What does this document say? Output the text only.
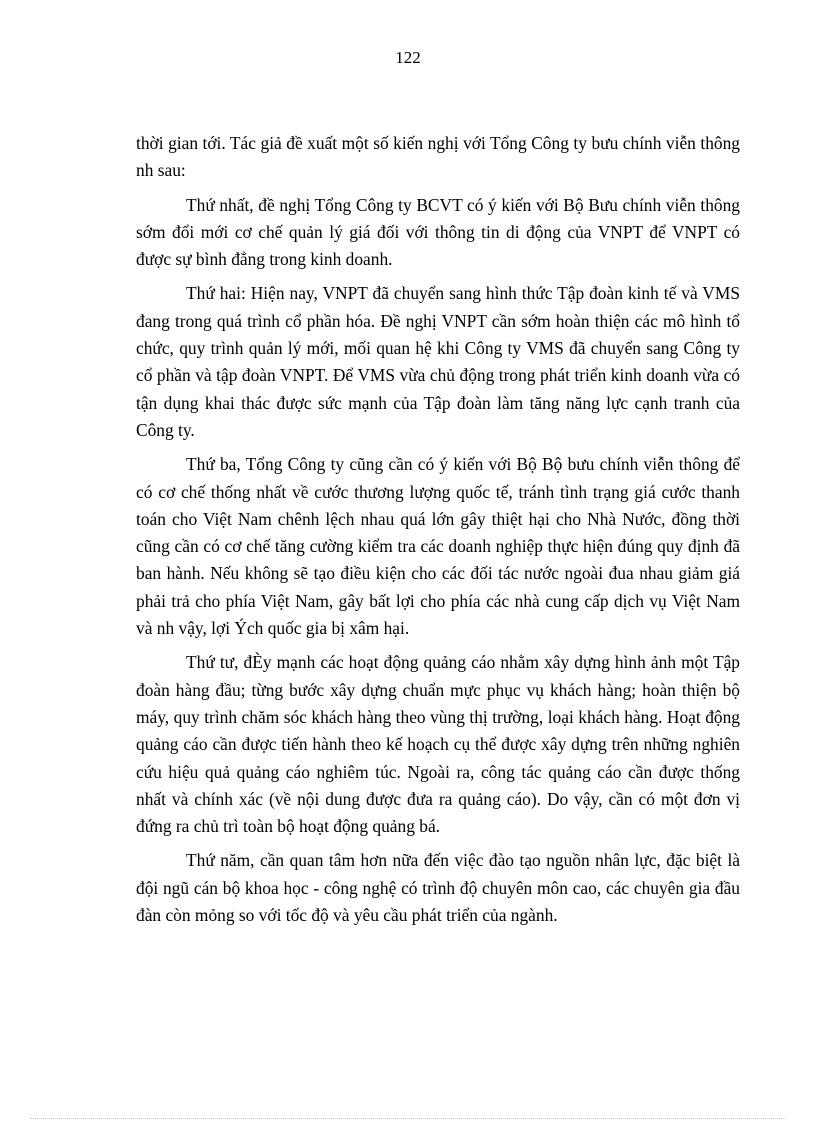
122

thời gian tới. Tác giả đề xuất một số kiến nghị với Tổng Công ty bưu chính viễn thông nh sau:

Thứ nhất, đề nghị Tổng Công ty BCVT có ý kiến với Bộ Bưu chính viễn thông sớm đổi mới cơ chế quản lý giá đối với thông tin di động của VNPT để VNPT có được sự bình đẳng trong kinh doanh.

Thứ hai: Hiện nay, VNPT đã chuyển sang hình thức Tập đoàn kinh tế và VMS đang trong quá trình cổ phần hóa. Đề nghị VNPT cần sớm hoàn thiện các mô hình tổ chức, quy trình quản lý mới, mối quan hệ khi Công ty VMS đã chuyển sang Công ty cổ phần và tập đoàn VNPT. Để VMS vừa chủ động trong phát triển kinh doanh vừa có tận dụng khai thác được sức mạnh của Tập đoàn làm tăng năng lực cạnh tranh của Công ty.

Thứ ba, Tổng Công ty cũng cần có ý kiến với Bộ Bộ bưu chính viễn thông để có cơ chế thống nhất về cước thương lượng quốc tế, tránh tình trạng giá cước thanh toán cho Việt Nam chênh lệch nhau quá lớn gây thiệt hại cho Nhà Nước, đồng thời cũng cần có cơ chế tăng cường kiểm tra các doanh nghiệp thực hiện đúng quy định đã ban hành. Nếu không sẽ tạo điều kiện cho các đối tác nước ngoài đua nhau giảm giá phải trả cho phía Việt Nam, gây bất lợi cho phía các nhà cung cấp dịch vụ Việt Nam và nh vậy, lợi Ých quốc gia bị xâm hại.

Thứ tư, đÈy mạnh các hoạt động quảng cáo nhằm xây dựng hình ảnh một Tập đoàn hàng đầu; từng bước xây dựng chuẩn mực phục vụ khách hàng; hoàn thiện bộ máy, quy trình chăm sóc khách hàng theo vùng thị trường, loại khách hàng. Hoạt động quảng cáo cần được tiến hành theo kế hoạch cụ thể được xây dựng trên những nghiên cứu hiệu quả quảng cáo nghiêm túc. Ngoài ra, công tác quảng cáo cần được thống nhất và chính xác (về nội dung được đưa ra quảng cáo). Do vậy, cần có một đơn vị đứng ra chủ trì toàn bộ hoạt động quảng bá.

Thứ năm, cần quan tâm hơn nữa đến việc đào tạo nguồn nhân lực, đặc biệt là đội ngũ cán bộ khoa học - công nghệ có trình độ chuyên môn cao, các chuyên gia đầu đàn còn mỏng so với tốc độ và yêu cầu phát triển của ngành.
